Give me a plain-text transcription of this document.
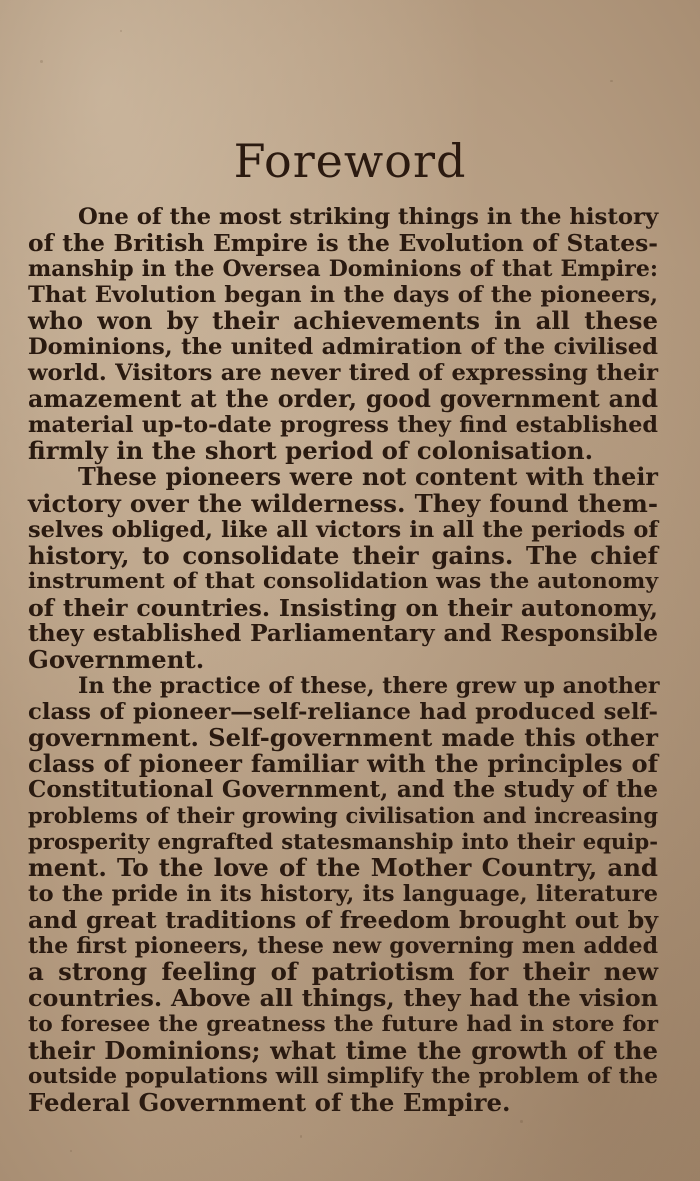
Foreword
One of the most striking things in the history
of the British Empire is the Evolution of States-
manship in the Oversea Dominions of that Empire:
That Evolution began in the days of the pioneers,
who won by their achievements in all these
Dominions, the united admiration of the civilised
world. Visitors are never tired of expressing their
amazement at the order, good government and
material up-to-date progress they find established
firmly in the short period of colonisation.
These pioneers were not content with their
victory over the wilderness. They found them-
selves obliged, like all victors in all the periods of
history, to consolidate their gains. The chief
instrument of that consolidation was the autonomy
of their countries. Insisting on their autonomy,
they established Parliamentary and Responsible
Government.
In the practice of these, there grew up another
class of pioneer—self-reliance had produced self-
government. Self-government made this other
class of pioneer familiar with the principles of
Constitutional Government, and the study of the
problems of their growing civilisation and increasing
prosperity engrafted statesmanship into their equip-
ment. To the love of the Mother Country, and
to the pride in its history, its language, literature
and great traditions of freedom brought out by
the first pioneers, these new governing men added
a strong feeling of patriotism for their new
countries. Above all things, they had the vision
to foresee the greatness the future had in store for
their Dominions; what time the growth of the
outside populations will simplify the problem of the
Federal Government of the Empire.
